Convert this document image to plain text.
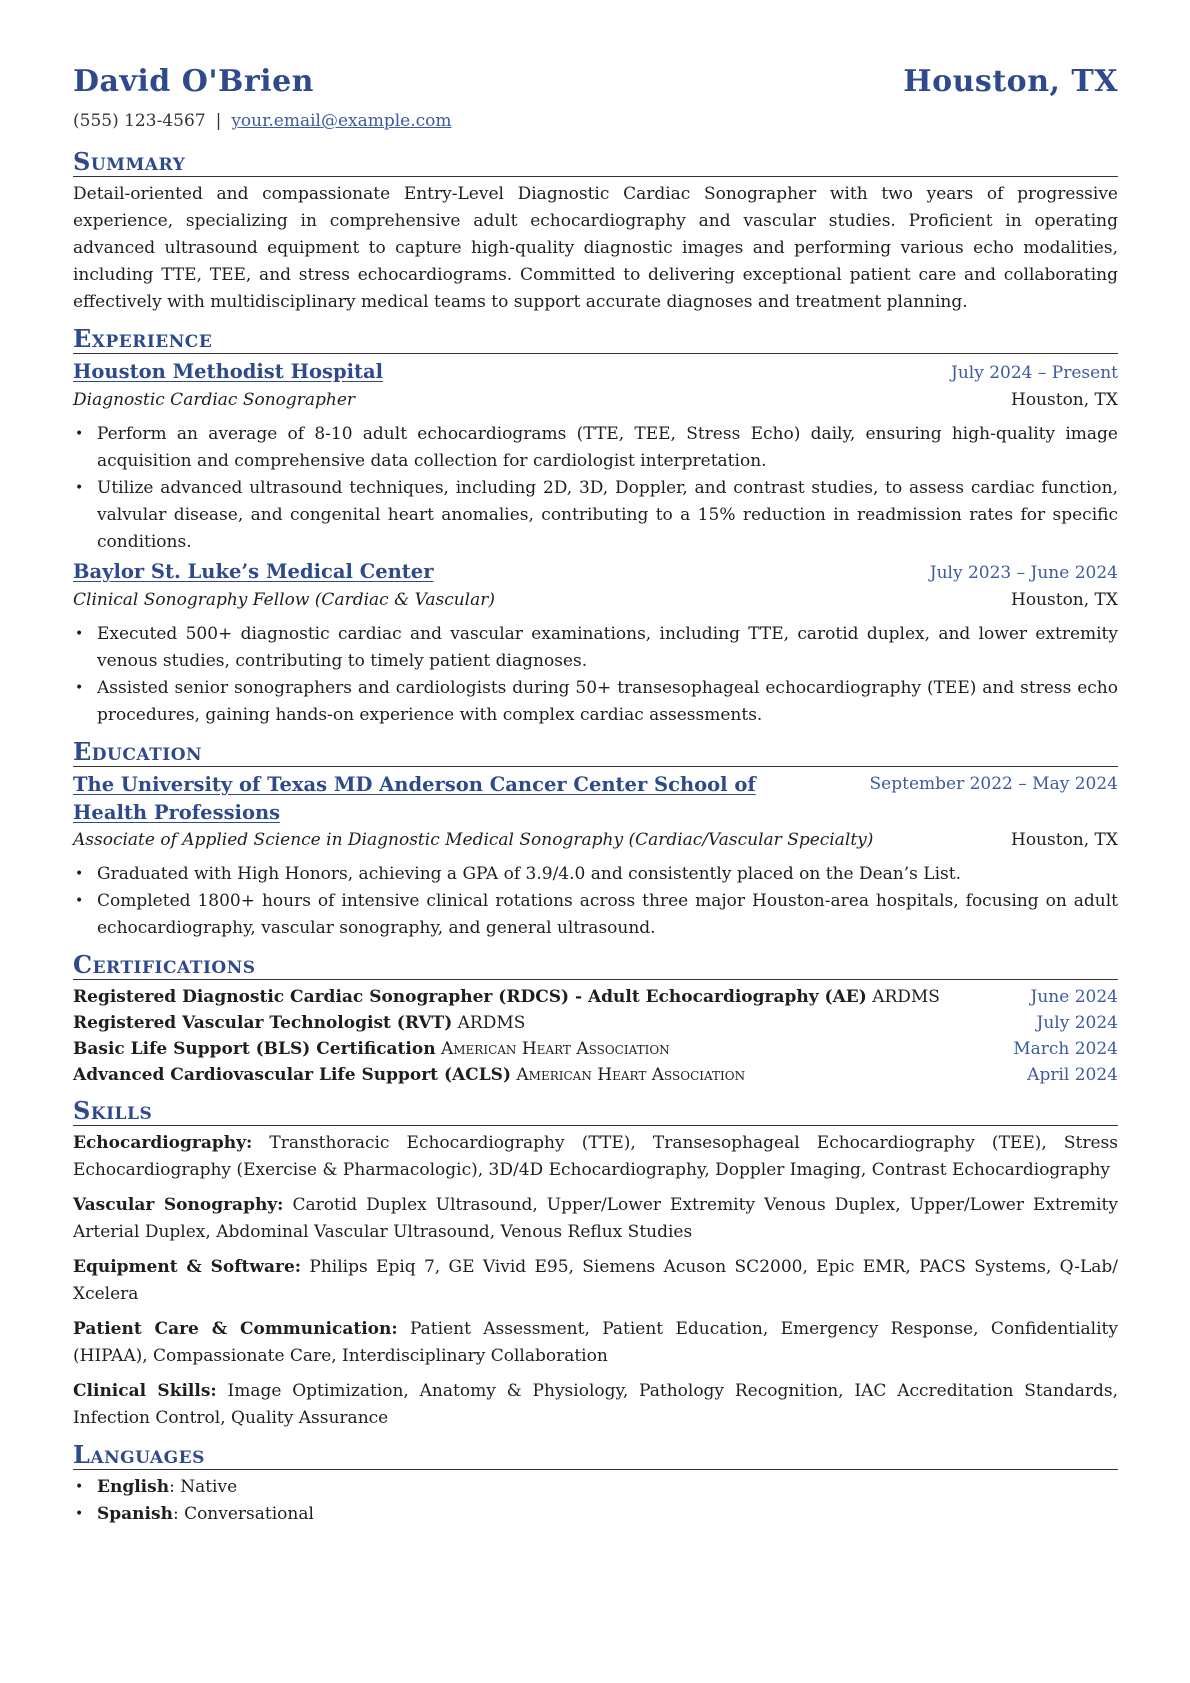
David O'Brien	Houston, TX
(555) 123-4567 | your.email@example.com
Summary
Detail-oriented and compassionate Entry-Level Diagnostic Cardiac Sonographer with two years of progressive experience, specializing in comprehensive adult echocardiography and vascular studies. Proficient in operating advanced ultrasound equipment to capture high-quality diagnostic images and performing various echo modalities, including TTE, TEE, and stress echocardiograms. Committed to delivering exceptional patient care and collaborating effectively with multidisciplinary medical teams to support accurate diagnoses and treatment planning.
Experience
Houston Methodist Hospital	July 2024 – Present
Diagnostic Cardiac Sonographer	Houston, TX
• Perform an average of 8-10 adult echocardiograms (TTE, TEE, Stress Echo) daily, ensuring high-quality image acquisition and comprehensive data collection for cardiologist interpretation.
• Utilize advanced ultrasound techniques, including 2D, 3D, Doppler, and contrast studies, to assess cardiac function, valvular disease, and congenital heart anomalies, contributing to a 15% reduction in readmission rates for specific conditions.
Baylor St. Luke’s Medical Center	July 2023 – June 2024
Clinical Sonography Fellow (Cardiac & Vascular)	Houston, TX
• Executed 500+ diagnostic cardiac and vascular examinations, including TTE, carotid duplex, and lower extremity venous studies, contributing to timely patient diagnoses.
• Assisted senior sonographers and cardiologists during 50+ transesophageal echocardiography (TEE) and stress echo procedures, gaining hands-on experience with complex cardiac assessments.
Education
The University of Texas MD Anderson Cancer Center School of Health Professions
September 2022 – May 2024
Associate of Applied Science in Diagnostic Medical Sonography (Cardiac/Vascular Specialty)	Houston, TX
• Graduated with High Honors, achieving a GPA of 3.9/4.0 and consistently placed on the Dean’s List.
• Completed 1800+ hours of intensive clinical rotations across three major Houston-area hospitals, focusing on adult echocardiography, vascular sonography, and general ultrasound.
Certifications
Registered Diagnostic Cardiac Sonographer (RDCS) - Adult Echocardiography (AE) ARDMS	June 2024
Registered Vascular Technologist (RVT) ARDMS	July 2024
Basic Life Support (BLS) Certification American Heart Association	March 2024
Advanced Cardiovascular Life Support (ACLS) American Heart Association	April 2024
Skills
Echocardiography: Transthoracic Echocardiography (TTE), Transesophageal Echocardiography (TEE), Stress Echocardiography (Exercise & Pharmacologic), 3D/4D Echocardiography, Doppler Imaging, Contrast Echocardiography
Vascular Sonography: Carotid Duplex Ultrasound, Upper/Lower Extremity Venous Duplex, Upper/Lower Extremity Arterial Duplex, Abdominal Vascular Ultrasound, Venous Reflux Studies
Equipment & Software: Philips Epiq 7, GE Vivid E95, Siemens Acuson SC2000, Epic EMR, PACS Systems, Q-Lab/ Xcelera
Patient Care & Communication: Patient Assessment, Patient Education, Emergency Response, Confidentiality (HIPAA), Compassionate Care, Interdisciplinary Collaboration
Clinical Skills: Image Optimization, Anatomy & Physiology, Pathology Recognition, IAC Accreditation Standards, Infection Control, Quality Assurance
Languages
• English: Native
• Spanish: Conversational
